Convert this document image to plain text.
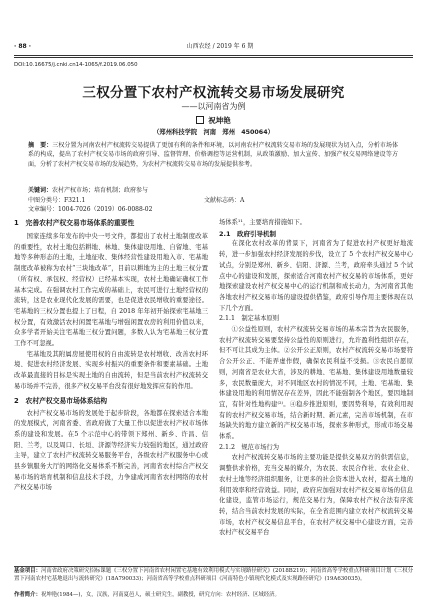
· 88 ·	山西农经 / 2019 年 6 期
DOI:10.16675/j.cnki.cn14-1065/f.2019.06.050
三权分置下农村产权流转交易市场发展研究
——以河南省为例
祝坤艳
（郑州科技学院　河南　郑州　450064）
摘　要：三权分置为河南农村产权流转交易提供了更加有利的条件和环境，以河南农村产权流转交易市场的发展现状为切入点，分析市场体系的构成，提出了农村产权交易市场的政府引导、监督管理、价格调控等运营机制，从政策激励、加大宣传、加强产权交易网络建设等方面，分析了农村产权交易市场的发展趋势，为农村产权流转交易市场的发展提供参考。
关键词：农村产权市场；培育机制；政府参与
中图分类号：F321.1	文献标志码：A
文章编号：1004-7026（2019）06-0088-02
1　完善农村产权交易市场体系的重要性

国家连续多年发布的中央一号文件，都提出了农村土地制度改革的重要性，农村土地包括耕地、林地、集体建设用地、自留地、宅基地等多种形态的土地，土地征收、集体经营性建设用地入市、宅基地制度改革被称为农村“三块地改革”，目前以耕地为主的土地三权分置（所有权、承包权、经营权）已经基本实现，农村土地确证确权工作基本完成。在强调农村工作完成的基础上，农民可进行土地经营权的流转，这是农业现代化发展的需要，也是促进农民增收的重要途径。宅基地的三权分置也提上了日程，自 2018 年年初开始探索宅基地三权分置，有效激活农村闲置宅基地与增强闲置农房的利用价值以来，众多学者开始关注宅基地三权分置问题，多数人认为宅基地三权分置工作不可忽视。

宅基地及其附属房屋使用权的自由流转是农村增收、改善农村环境、促进农村经济发展、实现乡村振兴的重要条件和要素基础。土地改革最直接的目标是实现土地的自由流转，但是当前农村产权流转交易市场并不完善，很多产权交易平台没有很好地发挥应有的作用。

2　农村产权交易市场体系结构

农村产权交易市场的发展处于起步阶段，各地都在探索适合本地的发展模式，河南省委、省政府做了大量工作以促进农村产权市场体系的建设和发展。在5 个示范中心的带领下郑州、新乡、许昌、信阳、兰考，以及周口、长垣、济源等经济实力较强的地区，通过政府主导，建立了农村产权流转交易服务平台，各级农村产权服务中心或县乡镇服务大厅的网络化交易体系不断完善，河南省农村综合产权交易市场的培育机制和信息技术手段，力争建成河南省农村网络的农村产权交易市场

场体系¹¹，主要培育措施如下。

2.1　政府引导机制

在深化农村改革的背景下，河南省为了促进农村产权更好地流转，进一步加强农村经济发展的步伐，设立了 5 个农村产权交易中心试点，分别是郑州、新乡、信阳、济源、兰考，政府牵头通过 5 个试点中心的建设和发展，探索适合河南农村产权交易的市场体系，更好地探索建设农村产权交易中心的运行机制和成长动力，为河南省其他各地农村产权交易市场的建设提供借鉴，政府引导作用主要体现在以下几个方面。

2.1.1　制定基本原则

①公益性原则，农村产权流转交易市场的基本宗旨为农民服务，农村产权流转交易要坚持公益性的原则进行，允许盈利性组织存在，但不可让其成为主体。②公开公正原则，农村产权流转交易市场要符合公开公正、不能弄虚作假，确保农民利益不受损。③农民自愿原则，河南省是农业大省，涉及的耕地、宅基地、集体建设用地数量较多，农民数量庞大，对不同地区农村的情况不同，土地、宅基地、集体建设用地的利用情况存在差异，因此不能强制各个地区，要因地制宜，有针对性地构建⁽²⁾。④稳步推进原则，要因势利导，有效利用现有的农村产权交易市场，结合新时期、新元素，完善市场机制，在市场缺失的地方建立新的产权交易市场，探索多种形式，形成市场交易体系。

2.1.2　规范市场行为

农村产权流转交易市场的主要功能是提供交易双方的供需信息，调整供求价格，充当交易的媒介，为农民、农民合作社、农业企业、农村土地等经济组织服务，让更多的社会资本进入农村，提高土地的利用效率和经营效益。同时，政府应加强对农村产权交易市场的信息化建设，监管市场运行，规范交易行为，保障农村产权合法有序流转，结合当前农村发展的实际，在全省范围内建立农村产权流转交易市场，农村产权交易信息平台，在农村产权交易中心建设方面，完善农村产权交易平台

基金项目：河南省政府决策研究招标课题《三权分置下河南省农村闲置宅基地有效利用模式与实现路径研究》(2018B219)；河南省高等学校重点科研项目计划《三权分置下河南农村宅基地退出与流转研究》(18A790033)；河南省高等学校重点科研项目《河南特色小镇现代化模式及实现路径研究》(19A630035)。
作者简介：祝坤艳(1984—)，女，汉族，河南夏邑人，硕士研究生，副教授，研究方向：农村经济、区域经济。
